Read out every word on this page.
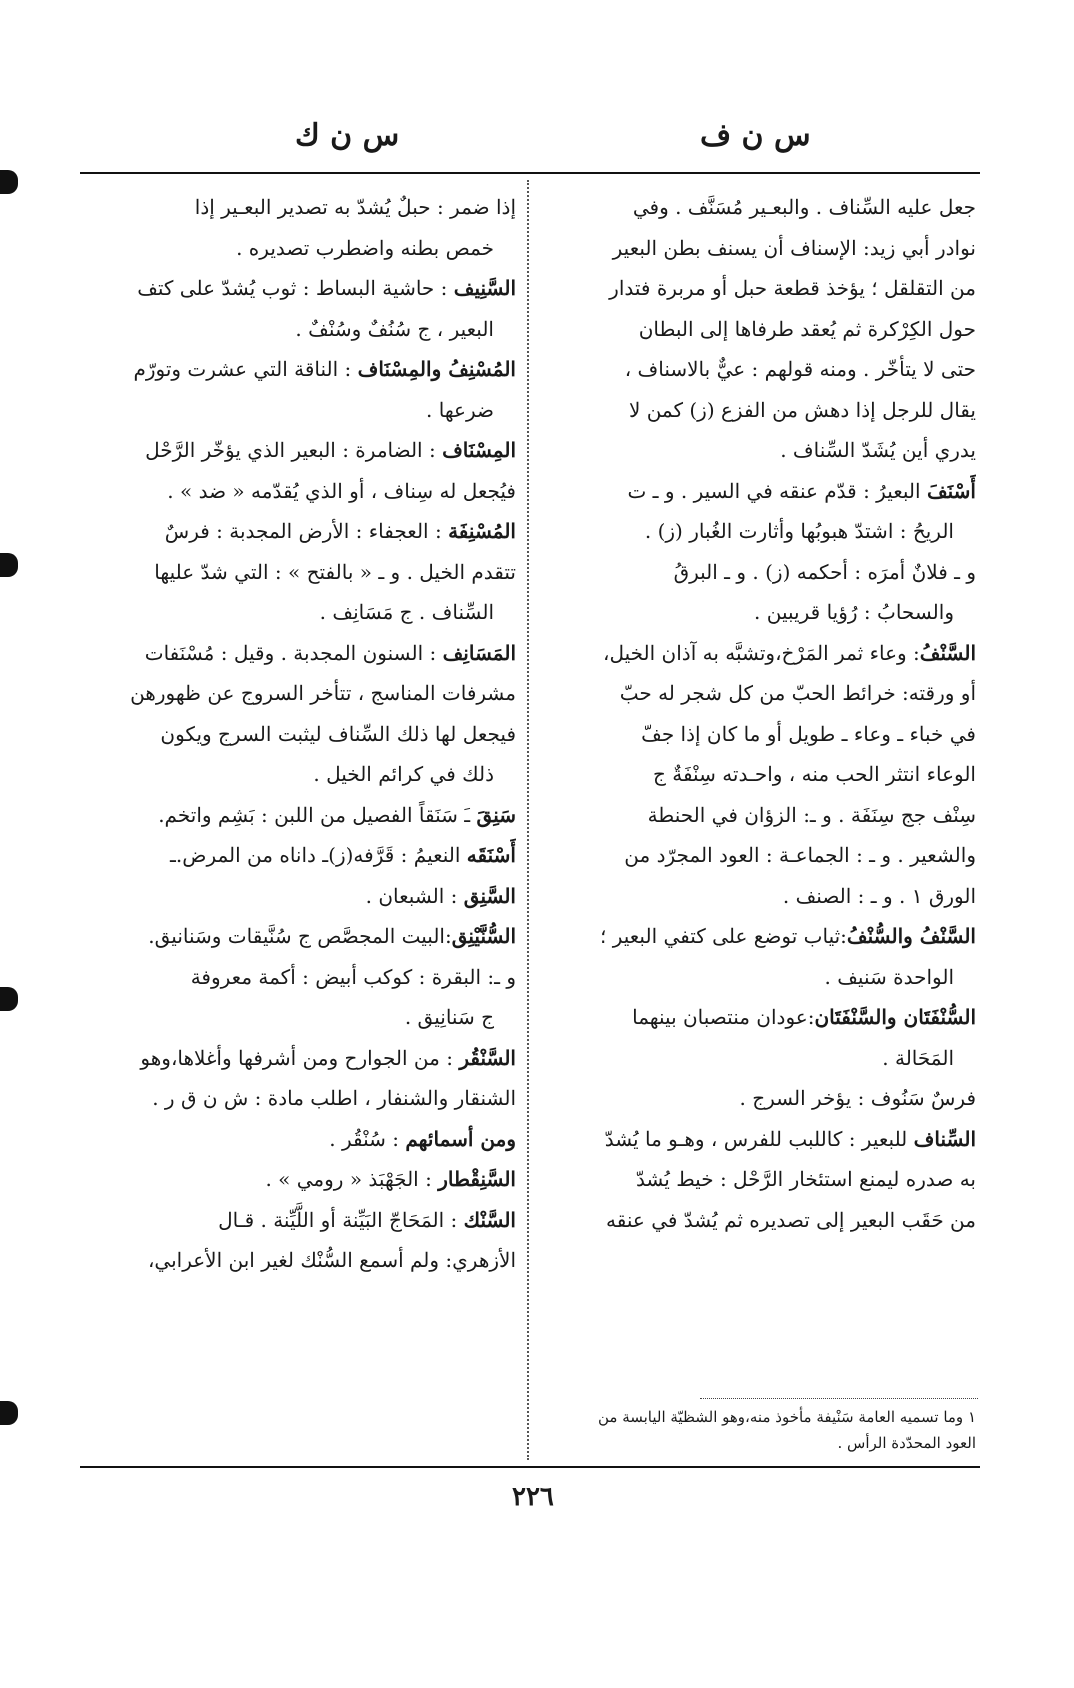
س ن ف
س ن ك
جعل عليه السِّناف . والبعـير مُسَنَّف . وفي
نوادر أبي زيد: الإسناف أن يسنف بطن البعير
من التقلقل ؛ يؤخذ قطعة حبل أو مربرة فتدار
حول الكِرْكرة ثم يُعقد طرفاها إلى البطان
حتى لا يتأخّر . ومنه قولهم : عيٌّ بالاسناف ،
يقال للرجل إذا دهش من الفزع (ز) كمن لا
يدري أين يُشَدّ السِّناف .
أَسْنَفَ البعيرُ : قدّم عنقه في السير . و ـ ت
الريحُ : اشتدّ هبوبُها وأثارت الغُبار (ز) .
و ـ فلانٌ أمرَه : أحكمه (ز) . و ـ البرقُ
والسحابُ : رُؤيا قريبين .
السَّنْفُ: وعاء ثمر المَرْخ،وتشبَّه به آذان الخيل،
أو ورقته: خرائط الحبّ من كل شجر له حبّ
في خباء ـ وعاء ـ طويل أو ما كان إذا جفّ
الوعاء انتثر الحب منه ، واحـدته سِنْفَةٌ ج
سِنْف جج سِنَفَة . و ـ: الزؤان في الحنطة
والشعير . و ـ : الجماعـة : العود المجرّد من
الورق ١ . و ـ : الصنف .
السَّنْفُ والسُّنْفُ:ثياب توضع على كتفي البعير ؛
الواحدة سَنيف .
السُّنْفَتَان والسَّنْفَتَان:عودان منتصبان بينهما
المَحَالة .
فرسٌ سَنُوف : يؤخر السرج .
السِّناف للبعير : كاللبب للفرس ، وهـو ما يُشدّ
به صدره ليمنع استئخار الرَّحْل : خيط يُشدّ
من حَقَب البعير إلى تصديره ثم يُشدّ في عنقه
إذا ضمر : حبلٌ يُشدّ به تصدير البعـير إذا
خمص بطنه واضطرب تصديره .
السَّنِيف : حاشية البساط : ثوب يُشدّ على كتف
البعير ، ج سُنُفٌ وسُنْفٌ .
المُسْنِفُ والمِسْنَاف : الناقة التي عشرت وتورّم
ضرعها .
المِسْنَاف : الضامرة : البعير الذي يؤخّر الرَّحْل
فيُجعل له سِناف ، أو الذي يُقدّمه « ضد » .
المُسْنِفَة : العجفاء : الأرض المجدبة : فرسٌ
تتقدم الخيل . و ـ « بالفتح » : التي شدّ عليها
السِّناف . ج مَسَانِف .
المَسَانِف : السنون المجدبة . وقيل : مُسْنَفات
مشرفات المناسج ، تتأخر السروج عن ظهورهن
فيجعل لها ذلك السِّناف ليثبت السرج ويكون
ذلك في كرائم الخيل .
سَنِقَ ـَ سَنَقاً الفصيل من اللبن : بَشِم واتخم.
أَسْنَقَه النعيمُ : قَرَّفه(ز)ـ داناه من المرض.ـ
السَّنِق : الشبعان .
السُّنَّيْنِق:البيت المجصَّص ج سُنَّيقات وسَنانيق.
و ـ: البقرة : كوكب أبيض : أكمة معروفة
ج سَنانِيق .
السَّنْقُر : من الجوارح ومن أشرفها وأغلاها،وهو
الشنقار والشنفار ، اطلب مادة : ش ن ق ر .
ومن أسمائهم : سُنْقُر .
السَّنِقْطار : الجَهْبَذ « رومي » .
السَّنْك : المَحَاجّ البَيِّنة أو اللَّيِّنة . قـال
الأزهري: ولم أسمع السُّنْك لغير ابن الأعرابي،
١ وما تسميه العامة سَنْيفة مأخوذ منه،وهو الشظيّة اليابسة من
العود المحدّدة الرأس .
٢٢٦
